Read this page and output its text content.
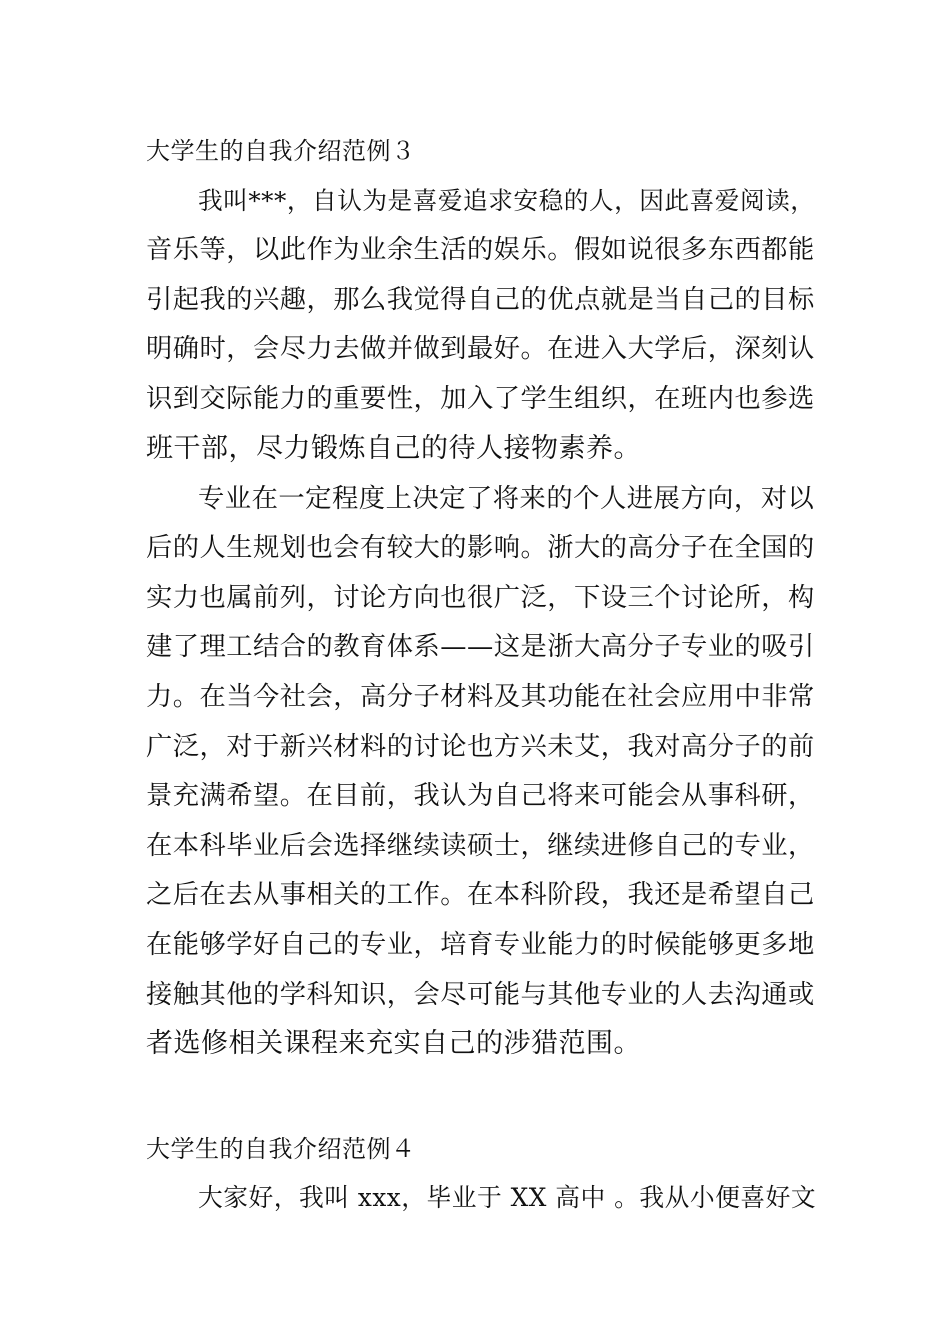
大学生的自我介绍范例３
我叫***，自认为是喜爱追求安稳的人，因此喜爱阅读，
音乐等，以此作为业余生活的娱乐。假如说很多东西都能
引起我的兴趣，那么我觉得自己的优点就是当自己的目标
明确时，会尽力去做并做到最好。在进入大学后，深刻认
识到交际能力的重要性，加入了学生组织，在班内也参选
班干部，尽力锻炼自己的待人接物素养。
专业在一定程度上决定了将来的个人进展方向，对以
后的人生规划也会有较大的影响。浙大的高分子在全国的
实力也属前列，讨论方向也很广泛，下设三个讨论所，构
建了理工结合的教育体系——这是浙大高分子专业的吸引
力。在当今社会，高分子材料及其功能在社会应用中非常
广泛，对于新兴材料的讨论也方兴未艾，我对高分子的前
景充满希望。在目前，我认为自己将来可能会从事科研，
在本科毕业后会选择继续读硕士，继续进修自己的专业，
之后在去从事相关的工作。在本科阶段，我还是希望自己
在能够学好自己的专业，培育专业能力的时候能够更多地
接触其他的学科知识，会尽可能与其他专业的人去沟通或
者选修相关课程来充实自己的涉猎范围。
大学生的自我介绍范例４
大家好，我叫 xxx，毕业于 XX 高中 。我从小便喜好文
